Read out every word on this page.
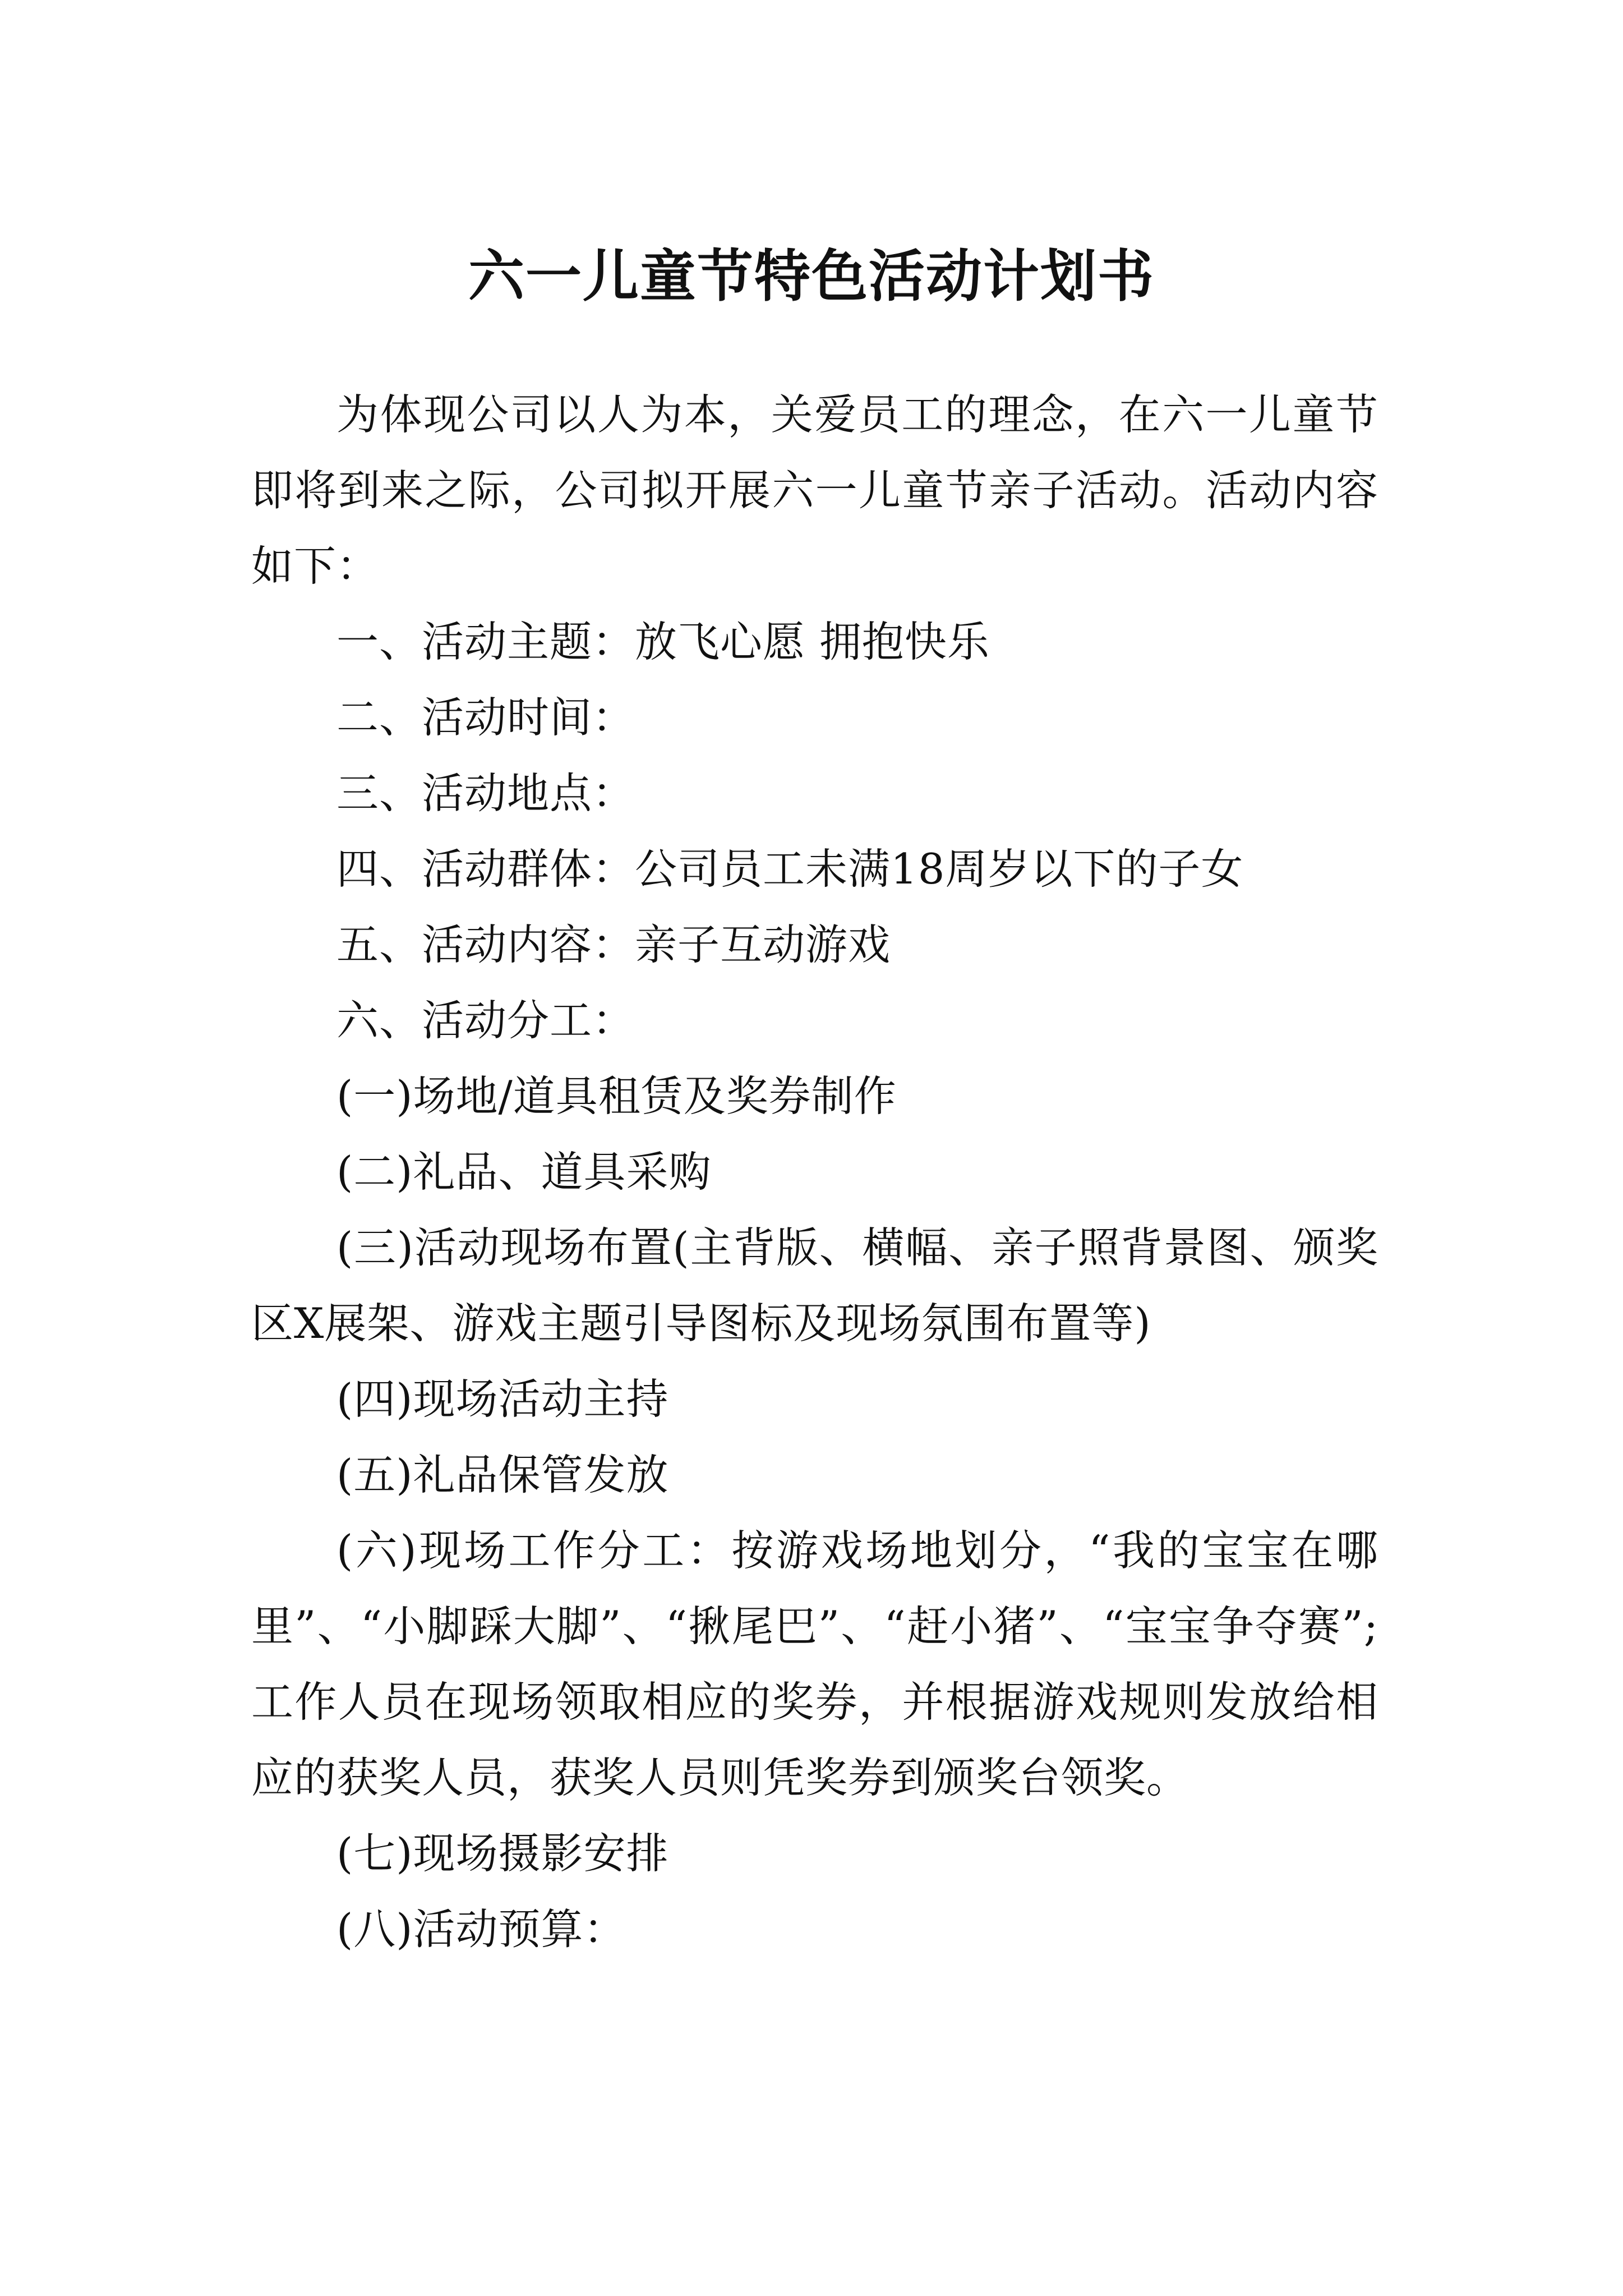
六一儿童节特色活动计划书

为体现公司以人为本，关爱员工的理念，在六一儿童节即将到来之际，公司拟开展六一儿童节亲子活动。活动内容如下：

一、活动主题：放飞心愿 拥抱快乐

二、活动时间：

三、活动地点：

四、活动群体：公司员工未满18周岁以下的子女

五、活动内容：亲子互动游戏

六、活动分工：

(一)场地/道具租赁及奖券制作

(二)礼品、道具采购

(三)活动现场布置(主背版、横幅、亲子照背景图、颁奖区X展架、游戏主题引导图标及现场氛围布置等)

(四)现场活动主持

(五)礼品保管发放

(六)现场工作分工：按游戏场地划分，“我的宝宝在哪里”、“小脚踩大脚”、“揪尾巴”、“赶小猪”、“宝宝争夺赛”;工作人员在现场领取相应的奖券，并根据游戏规则发放给相应的获奖人员，获奖人员则凭奖券到颁奖台领奖。

(七)现场摄影安排

(八)活动预算：
